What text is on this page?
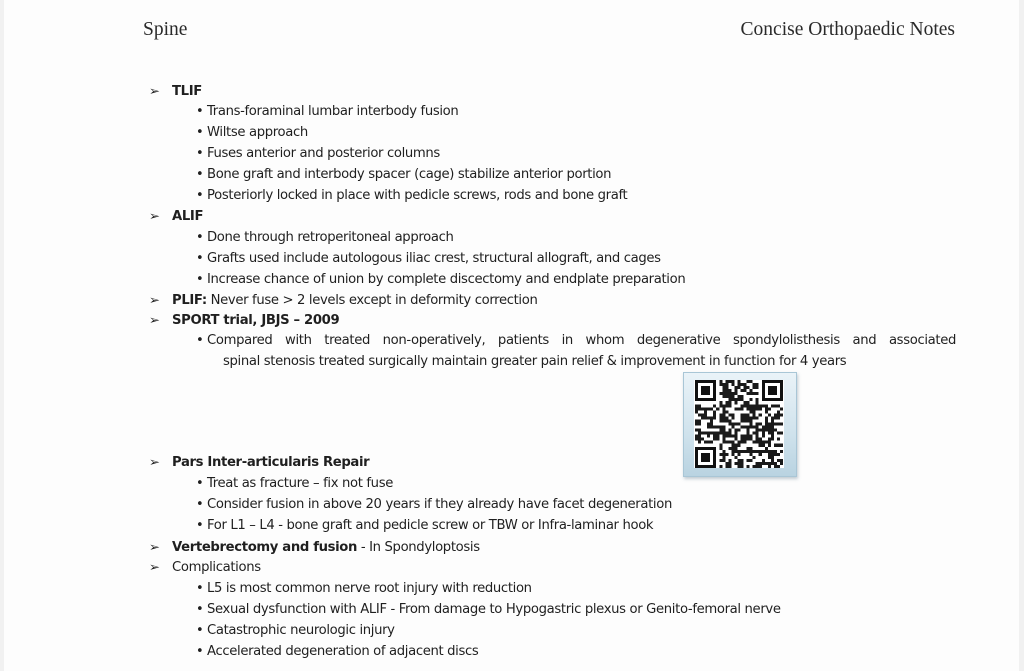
Spine	Concise Orthopaedic Notes
➢ TLIF
• Trans-foraminal lumbar interbody fusion
• Wiltse approach
• Fuses anterior and posterior columns
• Bone graft and interbody spacer (cage) stabilize anterior portion
• Posteriorly locked in place with pedicle screws, rods and bone graft
➢ ALIF
• Done through retroperitoneal approach
• Grafts used include autologous iliac crest, structural allograft, and cages
• Increase chance of union by complete discectomy and endplate preparation
➢ PLIF: Never fuse > 2 levels except in deformity correction
➢ SPORT trial, JBJS – 2009
• Compared with treated non-operatively, patients in whom degenerative spondylolisthesis and associated
spinal stenosis treated surgically maintain greater pain relief & improvement in function for 4 years
➢ Pars Inter-articularis Repair
• Treat as fracture – fix not fuse
• Consider fusion in above 20 years if they already have facet degeneration
• For L1 – L4 - bone graft and pedicle screw or TBW or Infra-laminar hook
➢ Vertebrectomy and fusion - In Spondyloptosis
➢ Complications
• L5 is most common nerve root injury with reduction
• Sexual dysfunction with ALIF - From damage to Hypogastric plexus or Genito-femoral nerve
• Catastrophic neurologic injury
• Accelerated degeneration of adjacent discs
